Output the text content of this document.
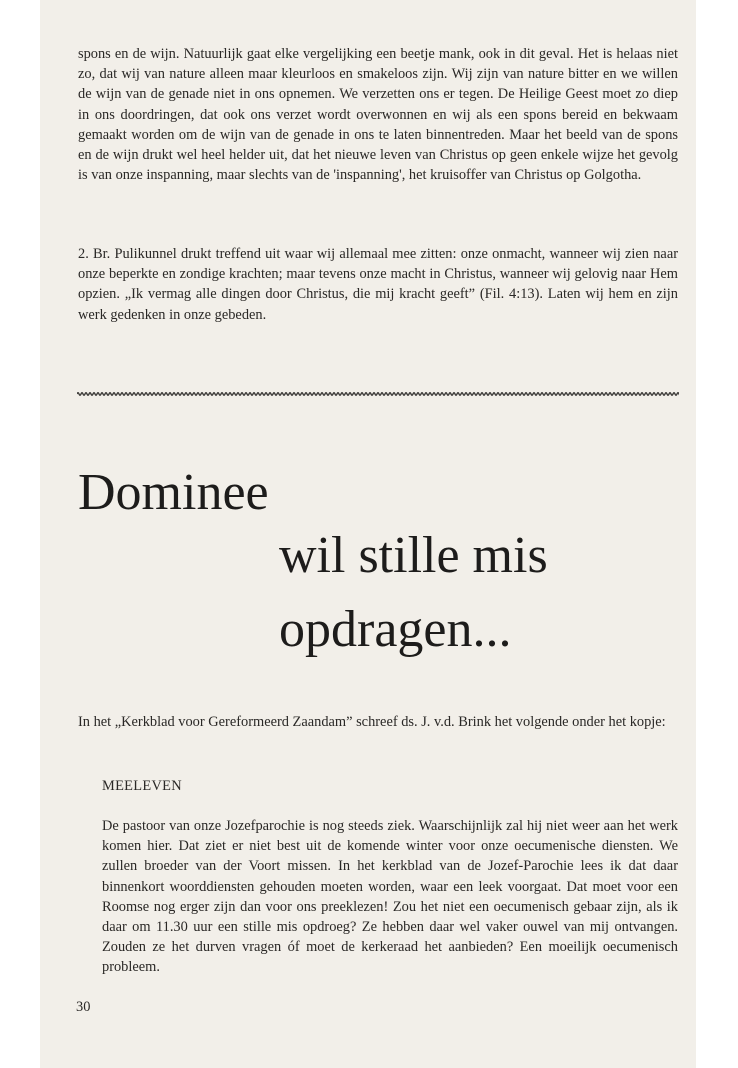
spons en de wijn. Natuurlijk gaat elke vergelijking een beetje mank, ook in dit geval. Het is helaas niet zo, dat wij van nature alleen maar kleurloos en smakeloos zijn. Wij zijn van nature bitter en we willen de wijn van de genade niet in ons opnemen. We verzetten ons er tegen. De Heilige Geest moet zo diep in ons doordringen, dat ook ons verzet wordt overwonnen en wij als een spons bereid en bekwaam gemaakt worden om de wijn van de genade in ons te laten binnentreden. Maar het beeld van de spons en de wijn drukt wel heel helder uit, dat het nieuwe leven van Christus op geen enkele wijze het gevolg is van onze inspanning, maar slechts van de 'inspanning', het kruisoffer van Christus op Golgotha.

2. Br. Pulikunnel drukt treffend uit waar wij allemaal mee zitten: onze onmacht, wanneer wij zien naar onze beperkte en zondige krachten; maar tevens onze macht in Christus, wanneer wij gelovig naar Hem opzien. „Ik vermag alle dingen door Christus, die mij kracht geeft” (Fil. 4:13). Laten wij hem en zijn werk gedenken in onze gebeden.

Dominee
wil stille mis
opdragen...

In het „Kerkblad voor Gereformeerd Zaandam” schreef ds. J. v.d. Brink het volgende onder het kopje:

MEELEVEN

De pastoor van onze Jozefparochie is nog steeds ziek. Waarschijnlijk zal hij niet weer aan het werk komen hier. Dat ziet er niet best uit de komende winter voor onze oecumenische diensten. We zullen broeder van der Voort missen. In het kerkblad van de Jozef-Parochie lees ik dat daar binnenkort woorddiensten gehouden moeten worden, waar een leek voorgaat. Dat moet voor een Roomse nog erger zijn dan voor ons preeklezen! Zou het niet een oecumenisch gebaar zijn, als ik daar om 11.30 uur een stille mis opdroeg? Ze hebben daar wel vaker ouwel van mij ontvangen. Zouden ze het durven vragen óf moet de kerkeraad het aanbieden? Een moeilijk oecumenisch probleem.

30
